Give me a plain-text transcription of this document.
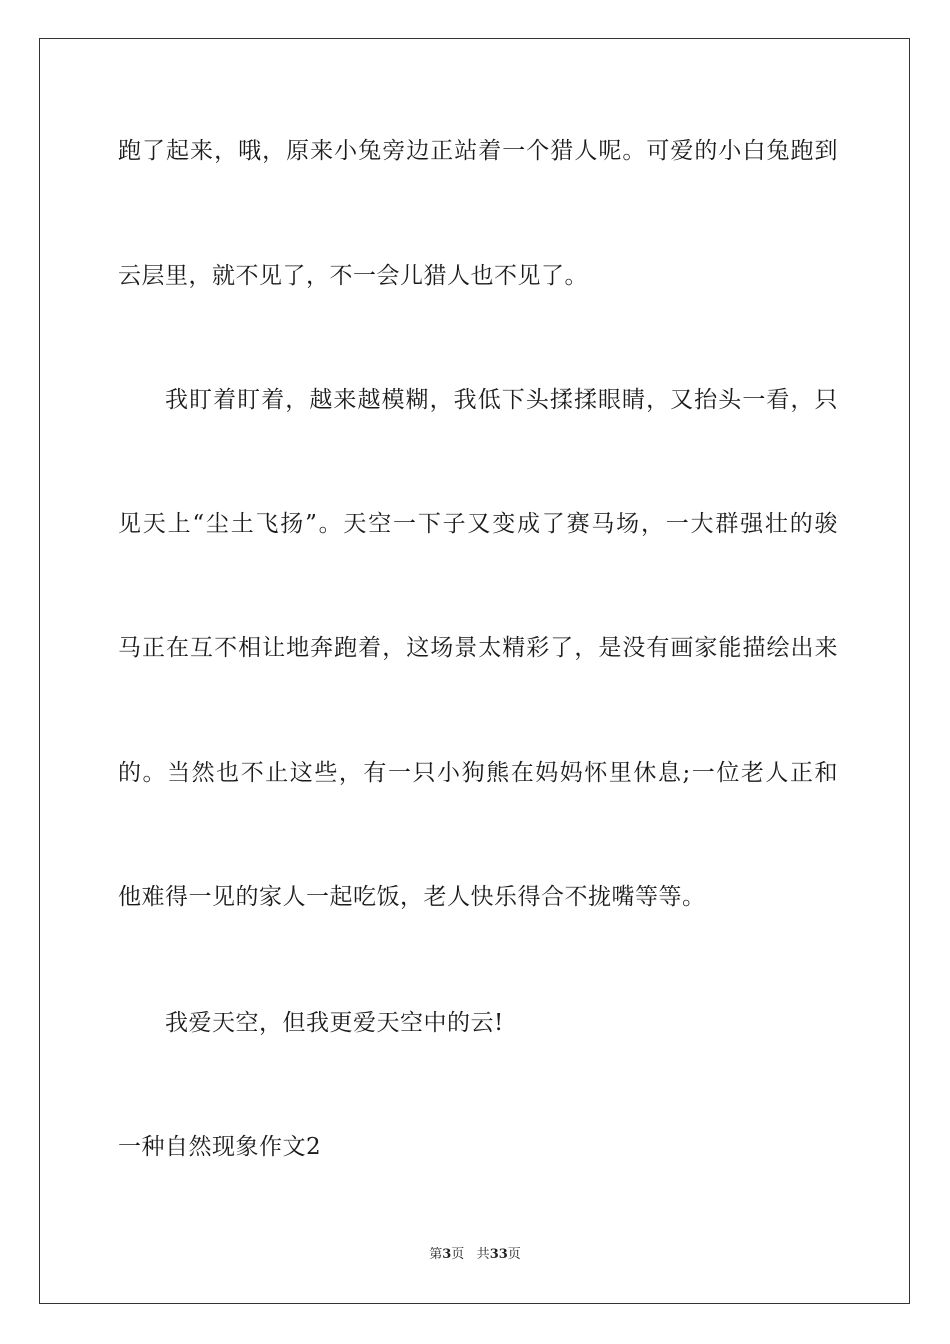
跑了起来，哦，原来小兔旁边正站着一个猎人呢。可爱的小白兔跑到
云层里，就不见了，不一会儿猎人也不见了。
我盯着盯着，越来越模糊，我低下头揉揉眼睛，又抬头一看，只
见天上“尘土飞扬”。天空一下子又变成了赛马场，一大群强壮的骏
马正在互不相让地奔跑着，这场景太精彩了，是没有画家能描绘出来
的。当然也不止这些，有一只小狗熊在妈妈怀里休息;一位老人正和
他难得一见的家人一起吃饭，老人快乐得合不拢嘴等等。
我爱天空，但我更爱天空中的云!
一种自然现象作文2
第3页 共33页
